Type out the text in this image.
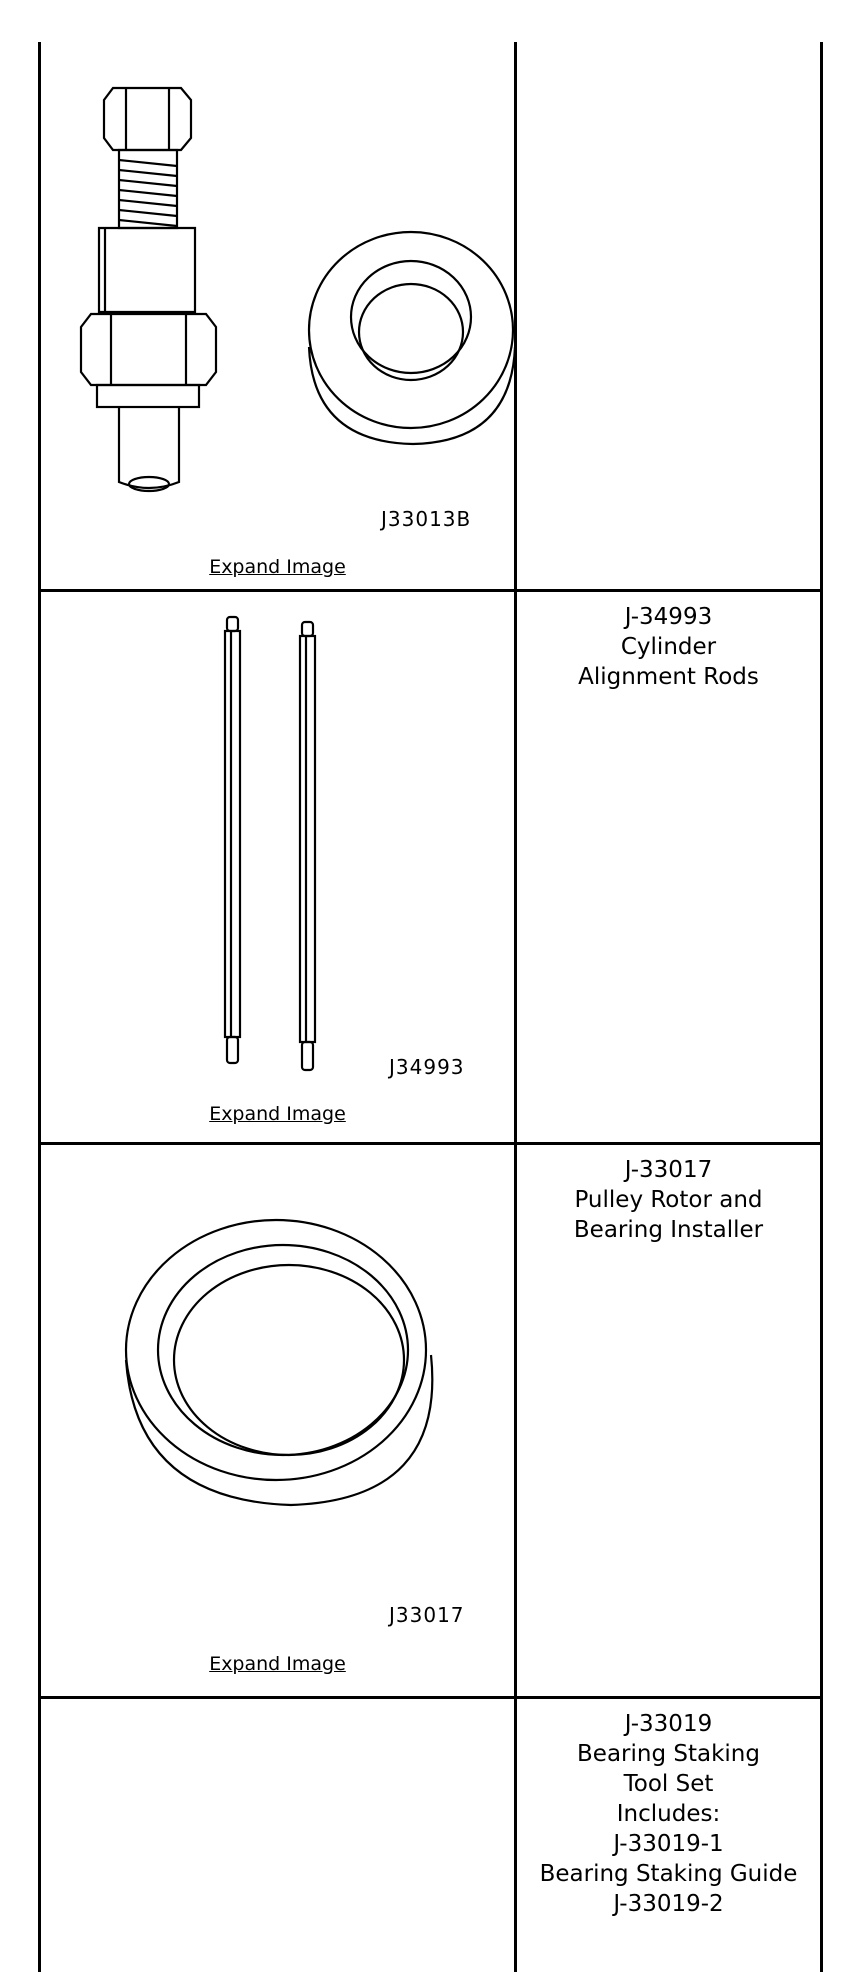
J33013B
Expand Image
J34993
Expand Image
J-34993
Cylinder
Alignment Rods
J33017
Expand Image
J-33017
Pulley Rotor and
Bearing Installer
J-33019
Bearing Staking
Tool Set
Includes:
J-33019-1
Bearing Staking Guide
J-33019-2
